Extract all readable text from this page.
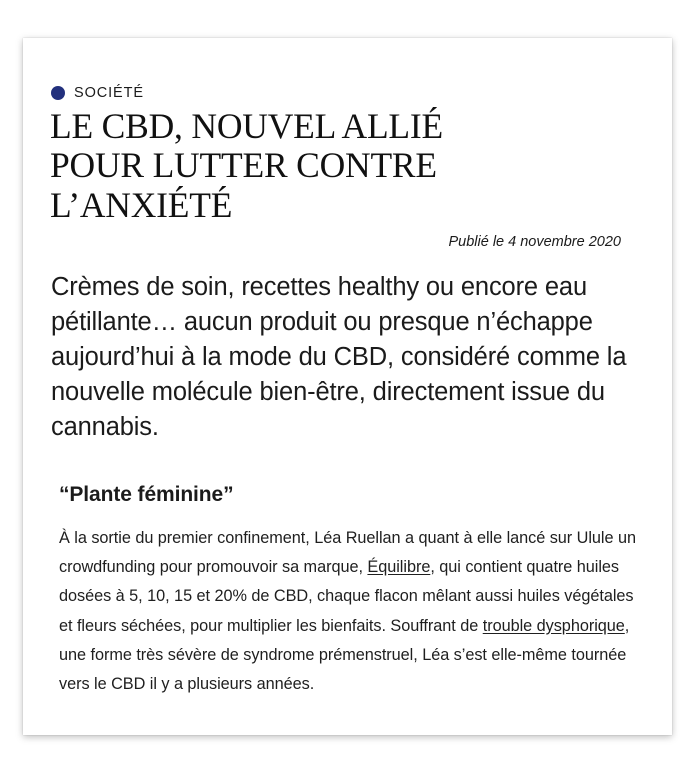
SOCIÉTÉ
LE CBD, NOUVEL ALLIÉ POUR LUTTER CONTRE L’ANXIÉTÉ
Publié le 4 novembre 2020

Crèmes de soin, recettes healthy ou encore eau pétillante… aucun produit ou presque n’échappe aujourd’hui à la mode du CBD, considéré comme la nouvelle molécule bien-être, directement issue du cannabis.

“Plante féminine”

À la sortie du premier confinement, Léa Ruellan a quant à elle lancé sur Ulule un crowdfunding pour promouvoir sa marque, Équilibre, qui contient quatre huiles dosées à 5, 10, 15 et 20% de CBD, chaque flacon mêlant aussi huiles végétales et fleurs séchées, pour multiplier les bienfaits. Souffrant de trouble dysphorique, une forme très sévère de syndrome prémenstruel, Léa s’est elle-même tournée vers le CBD il y a plusieurs années.
